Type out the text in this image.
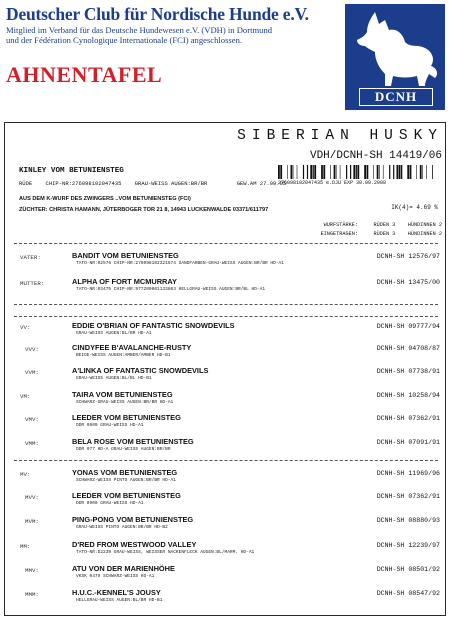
Deutscher Club für Nordische Hunde e.V.
Mitglied im Verband für das Deutsche Hundewesen e.V. (VDH) in Dortmund
und der Fédération Cynologique Internationale (FCI) angeschlossen.
AHNENTAFEL
DCNH
SIBERIAN HUSKY
VDH/DCNH-SH 14419/06
276098102047435 e.DJU EXP 30.09.2008
KINLEY VOM BETUNIENSTEG
RÜDE CHIP-NR:276098102047435 GRAU-WEISS AUGEN:BR/BR	GEW.AM 27.09.05
AUS DEM K-WURF DES ZWINGERS ..VOM BETUNIENSTEG (FCI)
ZÜCHTER: CHRISTA HAMANN, JÜTERBOGER TOR 21 8, 14943 LUCKENWALDE 03371/611797	IK(4)= 4.69 %
WURFSTÄRKE:	RÜDEN 3 HÜNDINNEN 2
EINGETRAGEN:	RÜDEN 3 HÜNDINNEN 2
VATER:	BANDIT VOM BETUNIENSTEG
TATO-NR:02576 CHIP-NR:276098102321674 SANDFARBEN-GRAU-WEISS AUGEN:BR/BR HD-A1
DCNH-SH 12576/97
MUTTER:	ALPHA OF FORT MCMURRAY
TATO-NR:03475 CHIP-NR:977200001133863 HELLGRAU-WEISS AUGEN:BR/BL HD-A1
DCNH-SH 13475/00
VV:	EDDIE O'BRIAN OF FANTASTIC SNOWDEVILS
GRAU-WEISS AUGEN:BL/BR HD-A1
DCNH-SH 09777/94
VVV:	CINDYFEE B'AVALANCHE-RUSTY
BEIGE-WEISS AUGEN:AMBER/AMBER HD-B1
DCNH-SH 04708/87
VVM:	A'LINKA OF FANTASTIC SNOWDEVILS
GRAU-WEISS AUGEN:BL/BL HD-B1
DCNH-SH 07738/91
VM:	TAIRA VOM BETUNIENSTEG
SCHWARZ-GRAU-WEISS AUGEN:BR/BR HD-A1
DCNH-SH 10258/94
VMV:	LEEDER VOM BETUNIENSTEG
DDR 0900 GRAU-WEISS HD-A1
DCNH-SH 07362/91
VMM:	BELA ROSE VOM BETUNIENSTEG
DDR 077 HD-A GRAU-WEISS AUGEN:BR/BR
DCNH-SH 07091/91
MV:	YONAS VOM BETUNIENSTEG
SCHWARZ-WEISS PINTO AUGEN:BR/BR HD-A1
DCNH-SH 11969/96
MVV:	LEEDER VOM BETUNIENSTEG
DDR 0900 GRAU-WEISS HD-A1
DCNH-SH 07362/91
MVM:	PING-PONG VOM BETUNIENSTEG
GRAU-WEISS PINTO AUGEN:BR/BR HD-B2
DCNH-SH 08880/93
MM:	D'RED FROM WESTWOOD VALLEY
TATO-NR:D2239 GRAU-WEISS, WEISSER NACKENFLECK AUGEN:BL/MARM. HD-A1
DCNH-SH 12239/97
MMV:	ATU VON DER MARIENHÖHE
VKSK 0479 SCHWARZ-WEISS HD-A1
DCNH-SH 08501/92
MMM:	H.U.C.-KENNEL'S JOUSY
HELLGRAU-WEISS AUGEN:BL/BR HD-B1
DCNH-SH 08547/92
